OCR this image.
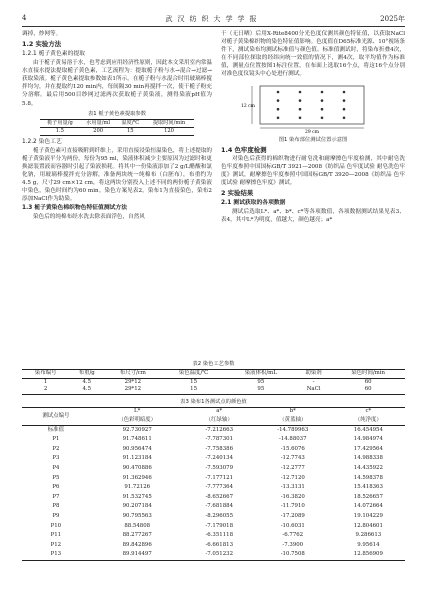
4	武汉纺织大学学报	2025年

调掉，炒网等。

1.2 实验方法
1.2.1 栀子黄色素的提取

由于栀子黄易溶于水，也考虑到应用经济性原则，因此本文采用室内常温水直接水提法提取栀子黄色素，工艺流程为：提取栀子粉与水→混合→过滤→获取染液。栀子黄色素提取参数如表1所示。在栀子粉与水混合时用玻璃棒搅拌均匀，并在提取约120 min内，每间隔30 min再搅拌一次，使干栀子粉充分溶解。最后用500目纱网过滤两次获取栀子黄染液，测得染液pH值为5.8。

表1 栀子黄色素提取参数
栀子用量/g	水用量/ml	温度/℃	提取时间/min
1.5	200	15	120
1.2.2 染色工艺

栀子黄色素可直接吸附到纤维上，采用直接浸染恒温染色，将上述提取的栀子黄染液平分为两份，每份为95 ml，染液体积减少主要原因为过滤时和更换滤装置液而容器时引起了染液损耗。将其中一份染液添加了2 g/L醋酸和氯化钠，用玻璃棒搅拌充分溶解，准备两块统一纯棉布（白胚布），布重约为4.5 g，尺寸29 cm×12 cm，将这两块分别投入上述不同的两份栀子黄染液中染色，染色时间约为60 min。染色方案见表2。染布1为直接染色，染布2添加NaCl作为助染。

1.3 栀子黄染色棉织物色特征值测试方法

染色后的纯棉布经水洗去除表面浮色，自然风

干（无日晒）后用X-Rite8400分光色度仪测其颜色特征值，以获取NaCl对栀子黄染棉织物的染色特征值影响。色度值在D65标准光源、10°视场条件下，测试染布均测试标准值与颜色值。标准值测试时，将染布折叠4次，在不同部位探取的经纬向统一效值的情况下，测4次，取平均值作为标准值，测量点位置按图1标注位置，在布面上选取16个点，将这16个点分别对准色度仪镜头中心处进行测试。

29 cm
12 cm
图1 染布部位测试位置示意图
1.4 色牢度检测

对染色后获得的棉织物进行耐皂洗和耐摩擦色牢度检测，其中耐皂洗色牢度参照中国国标GB/T 3921—2008《纺织品 色牢度试验 耐皂洗色牢度》测试，耐摩擦色牢度参照中国国标GB/T 3920—2008《纺织品 色牢度试验 耐摩擦色牢度》测试。

2 实验结果
2.1 测试获取的各项数据

测试后选取L*、a*、b*、c*等各项数值，各项数据测试结果见表3、表4，其中L*为明度，值越大，颜色越亮；a*

表2 染色工艺参数
染布编号	布重/g	布尺寸/cm	染色温度/℃	染液体积/mL	助染剂	染色时间/min
1	4.5	29*12	15	95	-	60
2	4.5	29*12	15	95	NaCl	60
表3 染布1各测试点的颜色值
测试点编号	L*	a*	b*	c*
	（色彩明暗度）	（红绿轴）	（黄蓝轴）	（纯净度）
标准值	92.730927	-7.212663	-14.789963	16.454954
P1	91.748611	-7.787301	-14.88037	14.984974
P2	90.956474	-7.758386	-15.6076	17.429564
P3	91.123184	-7.240134	-12.7743	14.988338
P4	90.470886	-7.593079	-12.2777	14.435922
P5	91.362946	-7.177121	-12.7120	14.598378
P6	91.72126	-7.777364	-13.3131	15.418363
P7	91.532745	-8.652667	-16.3820	18.526657
P8	90.207184	-7.681884	-11.7910	14.072664
P9	90.795563	-8.296055	-17.2089	19.104229
P10	88.54808	-7.179018	-10.6031	12.804601
P11	88.277267	-6.351118	-6.7762	9.286613
P12	89.842896	-6.661813	-7.3900	9.95614
P13	89.914497	-7.051232	-10.7508	12.856909
